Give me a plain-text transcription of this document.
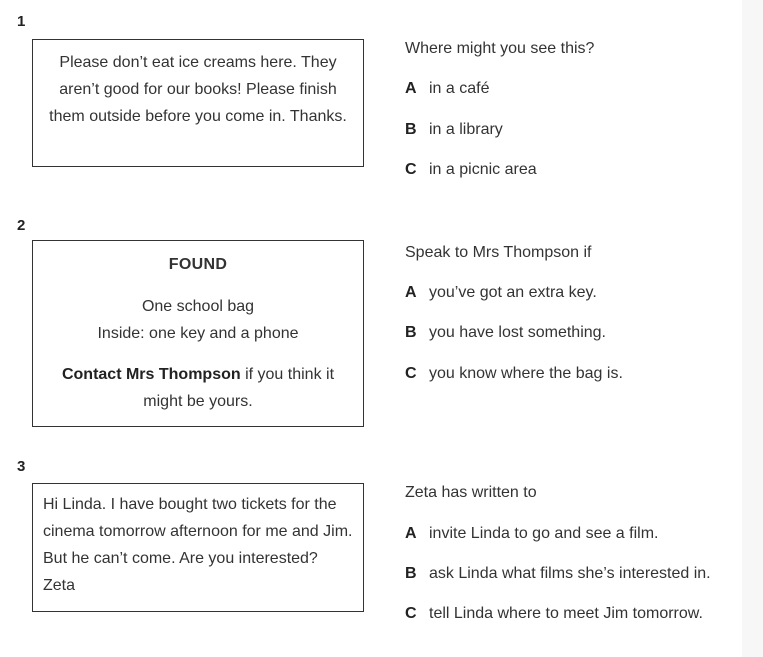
1

Please don’t eat ice creams here. They aren’t good for our books! Please finish them outside before you come in. Thanks.

Where might you see this?
A in a café
B in a library
C in a picnic area
2

FOUND

One school bag

Inside: one key and a phone

Contact Mrs Thompson if you think it might be yours.

Speak to Mrs Thompson if
A you’ve got an extra key.
B you have lost something.
C you know where the bag is.
3

Hi Linda. I have bought two tickets for the cinema tomorrow afternoon for me and Jim. But he can’t come. Are you interested? Zeta

Zeta has written to
A invite Linda to go and see a film.
B ask Linda what films she’s interested in.
C tell Linda where to meet Jim tomorrow.
